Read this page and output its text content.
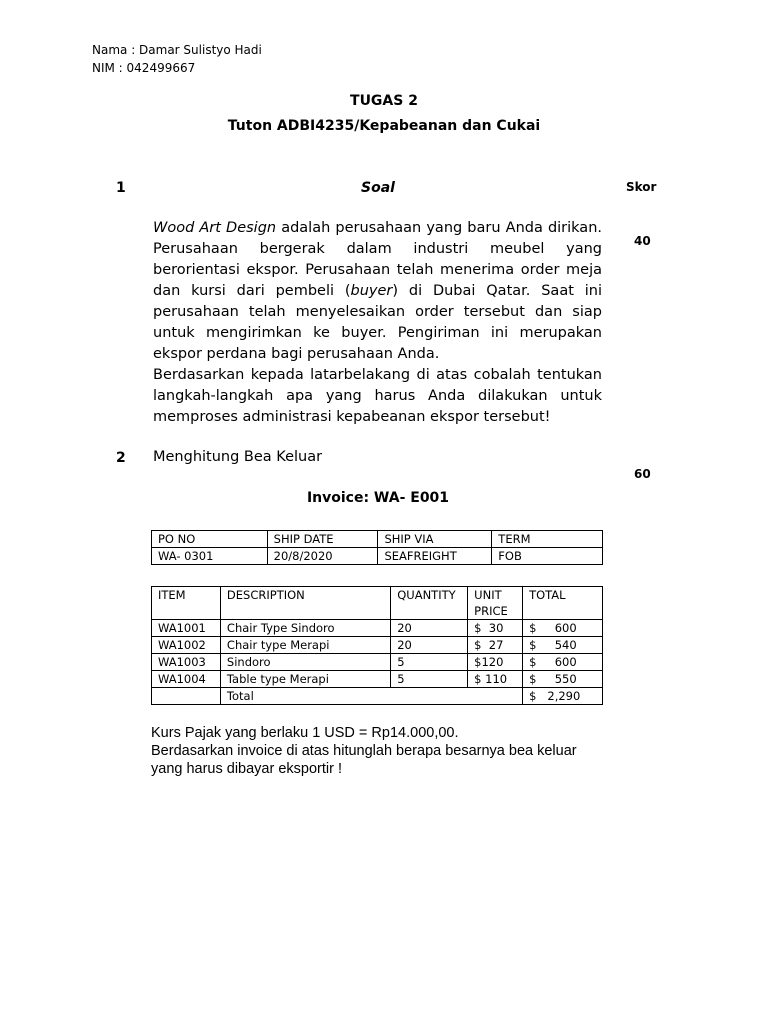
Nama : Damar Sulistyo Hadi
NIM : 042499667
TUGAS 2
Tuton ADBI4235/Kepabeanan dan Cukai
1	Soal	Skor
40

Wood Art Design adalah perusahaan yang baru Anda dirikan. Perusahaan bergerak dalam industri meubel yang berorientasi ekspor. Perusahaan telah menerima order meja dan kursi dari pembeli (buyer) di Dubai Qatar. Saat ini perusahaan telah menyelesaikan order tersebut dan siap untuk mengirimkan ke buyer. Pengiriman ini merupakan ekspor perdana bagi perusahaan Anda.

Berdasarkan kepada latarbelakang di atas cobalah tentukan langkah-langkah apa yang harus Anda dilakukan untuk memproses administrasi kepabeanan ekspor tersebut!

2 Menghitung Bea Keluar
60
Invoice: WA- E001
PO NO	SHIP DATE	SHIP VIA	TERM
WA- 0301	20/8/2020	SEAFREIGHT	FOB
ITEM	DESCRIPTION	QUANTITY	UNIT PRICE	TOTAL
WA1001	Chair Type Sindoro	20	$  30	$     600
WA1002	Chair type Merapi	20	$  27	$     540
WA1003	Sindoro	5	$120	$     600
WA1004	Table type Merapi	5	$ 110	$     550
	Total			$   2,290
Kurs Pajak yang berlaku 1 USD = Rp14.000,00.
Berdasarkan invoice di atas hitunglah berapa besarnya bea keluar
yang harus dibayar eksportir !
